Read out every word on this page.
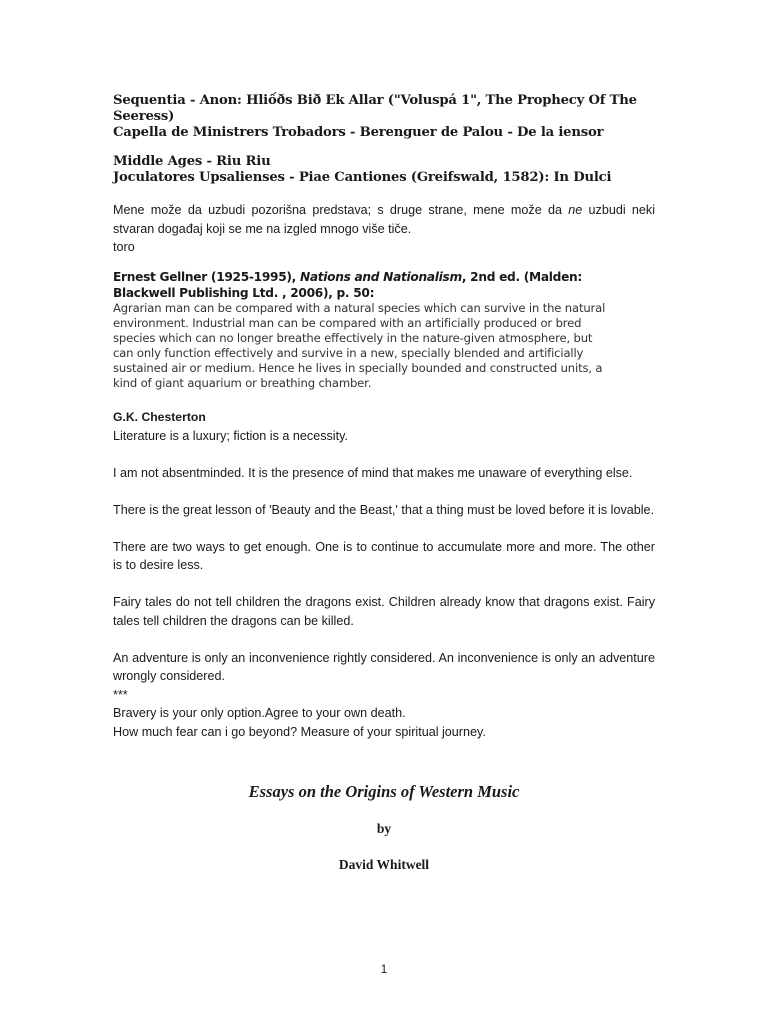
Sequentia - Anon: Hliốðs Bið Ek Allar ("Voluspá 1", The Prophecy Of The Seeress)

Capella de Ministrers Trobadors - Berenguer de Palou - De la iensor

Middle Ages - Riu Riu

Joculatores Upsalienses - Piae Cantiones (Greifswald, 1582): In Dulci

Mene može da uzbudi pozorišna predstava; s druge strane, mene može da ne uzbudi neki stvaran događaj koji se me na izgled mnogo više tiče.

toro

Ernest Gellner (1925-1995), Nations and Nationalism, 2nd ed. (Malden: Blackwell Publishing Ltd. , 2006), p. 50:

Agrarian man can be compared with a natural species which can survive in the natural environment. Industrial man can be compared with an artificially produced or bred species which can no longer breathe effectively in the nature-given atmosphere, but can only function effectively and survive in a new, specially blended and artificially sustained air or medium. Hence he lives in specially bounded and constructed units, a kind of giant aquarium or breathing chamber.

G.K. Chesterton

Literature is a luxury; fiction is a necessity.

I am not absentminded. It is the presence of mind that makes me unaware of everything else.

There is the great lesson of 'Beauty and the Beast,' that a thing must be loved before it is lovable.

There are two ways to get enough. One is to continue to accumulate more and more. The other is to desire less.

Fairy tales do not tell children the dragons exist. Children already know that dragons exist. Fairy tales tell children the dragons can be killed.

An adventure is only an inconvenience rightly considered. An inconvenience is only an adventure wrongly considered.

***

Bravery is your only option.Agree to your own death.

How much fear can i go beyond? Measure of your spiritual journey.

Essays on the Origins of Western Music
by
David Whitwell
1
